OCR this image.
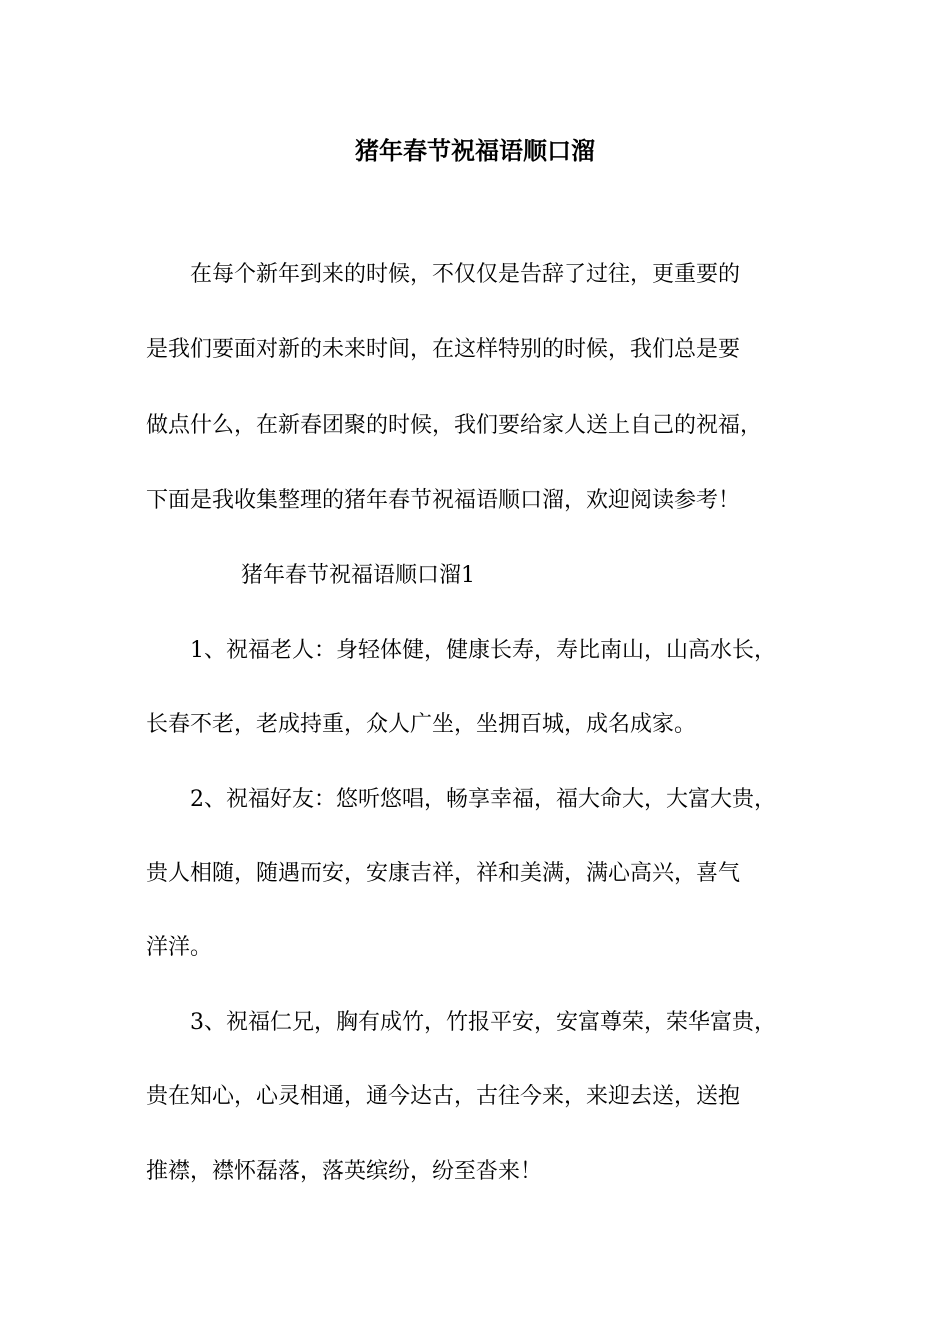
猪年春节祝福语顺口溜
在每个新年到来的时候，不仅仅是告辞了过往，更重要的
是我们要面对新的未来时间，在这样特别的时候，我们总是要
做点什么，在新春团聚的时候，我们要给家人送上自己的祝福，
下面是我收集整理的猪年春节祝福语顺口溜，欢迎阅读参考！
猪年春节祝福语顺口溜1
1、祝福老人：身轻体健，健康长寿，寿比南山，山高水长，
长春不老，老成持重，众人广坐，坐拥百城，成名成家。
2、祝福好友：悠听悠唱，畅享幸福，福大命大，大富大贵，
贵人相随，随遇而安，安康吉祥，祥和美满，满心高兴，喜气
洋洋。
3、祝福仁兄，胸有成竹，竹报平安，安富尊荣，荣华富贵，
贵在知心，心灵相通，通今达古，古往今来，来迎去送，送抱
推襟，襟怀磊落，落英缤纷，纷至沓来！
